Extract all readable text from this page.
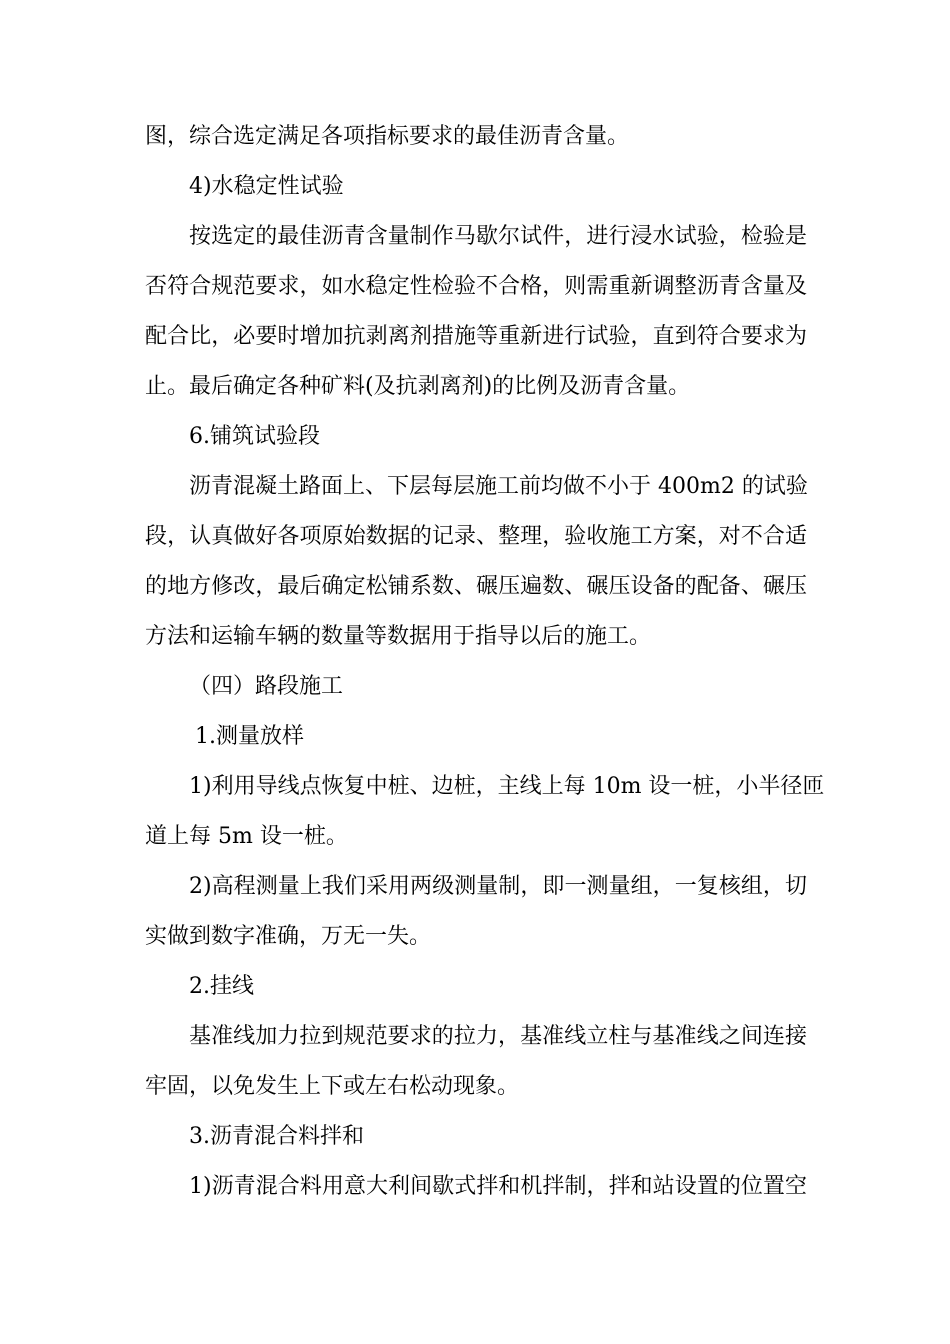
图，综合选定满足各项指标要求的最佳沥青含量。
4)水稳定性试验
按选定的最佳沥青含量制作马歇尔试件，进行浸水试验，检验是
否符合规范要求，如水稳定性检验不合格，则需重新调整沥青含量及
配合比，必要时增加抗剥离剂措施等重新进行试验，直到符合要求为
止。最后确定各种矿料(及抗剥离剂)的比例及沥青含量。
6.铺筑试验段
沥青混凝土路面上、下层每层施工前均做不小于 400m2 的试验
段，认真做好各项原始数据的记录、整理，验收施工方案，对不合适
的地方修改，最后确定松铺系数、碾压遍数、碾压设备的配备、碾压
方法和运输车辆的数量等数据用于指导以后的施工。
（四）路段施工
1.测量放样
1)利用导线点恢复中桩、边桩，主线上每 10m 设一桩，小半径匝
道上每 5m 设一桩。
2)高程测量上我们采用两级测量制，即一测量组，一复核组，切
实做到数字准确，万无一失。
2.挂线
基准线加力拉到规范要求的拉力，基准线立柱与基准线之间连接
牢固，以免发生上下或左右松动现象。
3.沥青混合料拌和
1)沥青混合料用意大利间歇式拌和机拌制，拌和站设置的位置空
